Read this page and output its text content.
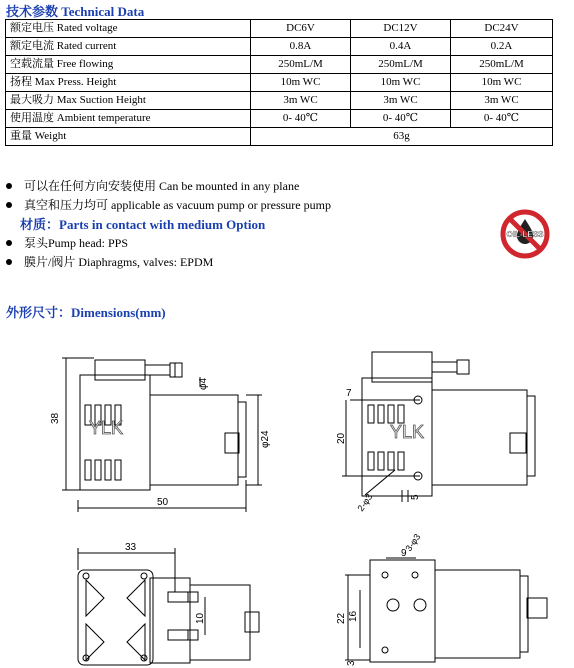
技术参数 Technical Data
额定电压 Rated voltage	DC6V	DC12V	DC24V
额定电流 Rated current	0.8A	0.4A	0.2A
空载流量 Free flowing	250mL/M	250mL/M	250mL/M
扬程 Max Press. Height	10m WC	10m WC	10m WC
最大吸力 Max Suction Height	3m WC	3m WC	3m WC
使用温度 Ambient temperature	0- 40℃	0- 40℃	0- 40℃
重量 Weight	63g		
可以在任何方向安装使用 Can be mounted in any plane
真空和压力均可 applicable as vacuum pump or pressure pump
材质：Parts in contact with medium Option
泵头Pump head: PPS
膜片/阀片 Diaphragms, valves: EPDM
OIL-LESS
外形尺寸：Dimensions(mm)
YLK
38
50
φ24
φ4
YLK
7
20
5
2-φ3
33
10	22 16
3
9
3-φ3
